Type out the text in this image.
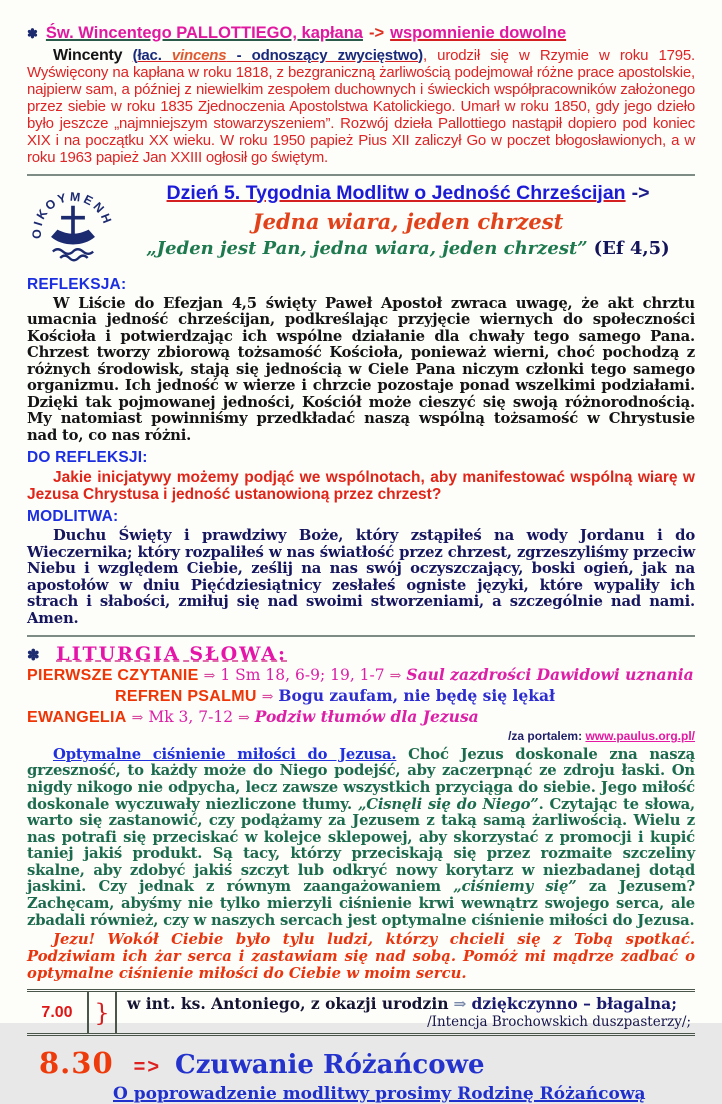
✽ Św. Wincentego PALLOTTIEGO, kapłana -> wspomnienie dowolne
Wincenty (łac. vincens - odnoszący zwycięstwo), urodził się w Rzymie w roku 1795. Wyświęcony na kapłana w roku 1818, z bezgraniczną żarliwością podejmował różne prace apostolskie, najpierw sam, a później z niewielkim zespołem duchownych i świeckich współpracowników założonego przez siebie w roku 1835 Zjednoczenia Apostolstwa Katolickiego. Umarł w roku 1850, gdy jego dzieło było jeszcze „najmniejszym stowarzyszeniem”. Rozwój dzieła Pallottiego nastąpił dopiero pod koniec XIX i na początku XX wieku. W roku 1950 papież Pius XII zaliczył Go w poczet błogosławionych, a w roku 1963 papież Jan XXIII ogłosił go świętym.
ΟΙΚΟΥΜΕΝΗ
Dzień 5. Tygodnia Modlitw o Jedność Chrześcijan ->
Jedna wiara, jeden chrzest
„Jeden jest Pan, jedna wiara, jeden chrzest” (Ef 4,5)
REFLEKSJA:
W Liście do Efezjan 4,5 święty Paweł Apostoł zwraca uwagę, że akt chrztu umacnia jedność chrześcijan, podkreślając przyjęcie wiernych do społeczności Kościoła i potwierdzając ich wspólne działanie dla chwały tego samego Pana. Chrzest tworzy zbiorową tożsamość Kościoła, ponieważ wierni, choć pochodzą z różnych środowisk, stają się jednością w Ciele Pana niczym członki tego samego organizmu. Ich jedność w wierze i chrzcie pozostaje ponad wszelkimi podziałami. Dzięki tak pojmowanej jedności, Kościół może cieszyć się swoją różnorodnością. My natomiast powinniśmy przedkładać naszą wspólną tożsamość w Chrystusie nad to, co nas różni.
DO REFLEKSJI:
Jakie inicjatywy możemy podjąć we wspólnotach, aby manifestować wspólną wiarę w Jezusa Chrystusa i jedność ustanowioną przez chrzest?
MODLITWA:
Duchu Święty i prawdziwy Boże, który zstąpiłeś na wody Jordanu i do Wieczernika; który rozpaliłeś w nas światłość przez chrzest, zgrzeszyliśmy przeciw Niebu i względem Ciebie, ześlij na nas swój oczyszczający, boski ogień, jak na apostołów w dniu Pięćdziesiątnicy zesłałeś ogniste języki, które wypaliły ich strach i słabości, zmiłuj się nad swoimi stworzeniami, a szczególnie nad nami. Amen.
✽ LITURGIA SŁOWA:
PIERWSZE CZYTANIE ⇒ 1 Sm 18, 6-9; 19, 1-7 ⇒ Saul zazdrości Dawidowi uznania
REFREN PSALMU ⇒ Bogu zaufam, nie będę się lękał
EWANGELIA ⇒ Mk 3, 7-12 ⇒ Podziw tłumów dla Jezusa
/za portalem: www.paulus.org.pl/
Optymalne ciśnienie miłości do Jezusa. Choć Jezus doskonale zna naszą grzeszność, to każdy może do Niego podejść, aby zaczerpnąć ze zdroju łaski. On nigdy nikogo nie odpycha, lecz zawsze wszystkich przyciąga do siebie. Jego miłość doskonale wyczuwały niezliczone tłumy. „Cisnęli się do Niego”. Czytając te słowa, warto się zastanowić, czy podążamy za Jezusem z taką samą żarliwością. Wielu z nas potrafi się przeciskać w kolejce sklepowej, aby skorzystać z promocji i kupić taniej jakiś produkt. Są tacy, którzy przeciskają się przez rozmaite szczeliny skalne, aby zdobyć jakiś szczyt lub odkryć nowy korytarz w niezbadanej dotąd jaskini. Czy jednak z równym zaangażowaniem „ciśniemy się” za Jezusem? Zachęcam, abyśmy nie tylko mierzyli ciśnienie krwi wewnątrz swojego serca, ale zbadali również, czy w naszych sercach jest optymalne ciśnienie miłości do Jezusa.
Jezu! Wokół Ciebie było tylu ludzi, którzy chcieli się z Tobą spotkać. Podziwiam ich żar serca i zastawiam się nad sobą. Pomóż mi mądrze zadbać o optymalne ciśnienie miłości do Ciebie w moim sercu.
7.00 }	w int. ks. Antoniego, z okazji urodzin ⇒ dziękczynno – błagalna;
/Intencja Brochowskich duszpasterzy/;
8.30 => Czuwanie Różańcowe
O poprowadzenie modlitwy prosimy Rodzinę Różańcową
